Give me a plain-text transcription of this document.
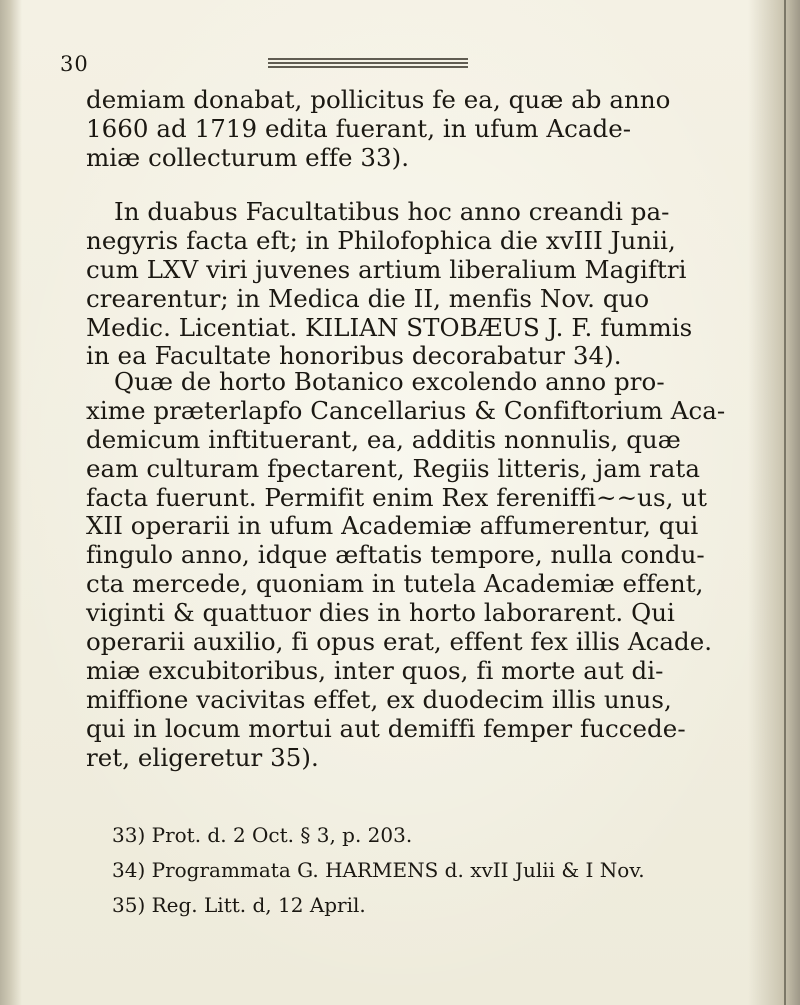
30
demiam donabat, pollicitus fe ea, quæ ab anno
1660 ad 1719 edita fuerant, in ufum Acade-
miæ collecturum effe 33).
In duabus Facultatibus hoc anno creandi pa-
negyris facta eft; in Philofophica die xvIII Junii,
cum LXV viri juvenes artium liberalium Magiftri
crearentur; in Medica die II, menfis Nov. quo
Medic. Licentiat. KILIAN STOBÆUS J. F. fummis
in ea Facultate honoribus decorabatur 34).
Quæ de horto Botanico excolendo anno pro-
xime præterlapfo Cancellarius & Confiftorium Aca-
demicum inftituerant, ea, additis nonnulis, quæ
eam culturam fpectarent, Regiis litteris, jam rata
facta fuerunt. Permifit enim Rex fereniffi~~us, ut
XII operarii in ufum Academiæ affumerentur, qui
fingulo anno, idque æftatis tempore, nulla condu-
cta mercede, quoniam in tutela Academiæ effent,
viginti & quattuor dies in horto laborarent. Qui
operarii auxilio, fi opus erat, effent fex illis Acade.
miæ excubitoribus, inter quos, fi morte aut di-
miffione vacivitas effet, ex duodecim illis unus,
qui in locum mortui aut demiffi femper fuccede-
ret, eligeretur 35).
33) Prot. d. 2 Oct. § 3, p. 203.
34) Programmata G. HARMENS d. xvII Julii & I Nov.
35) Reg. Litt. d, 12 April.
